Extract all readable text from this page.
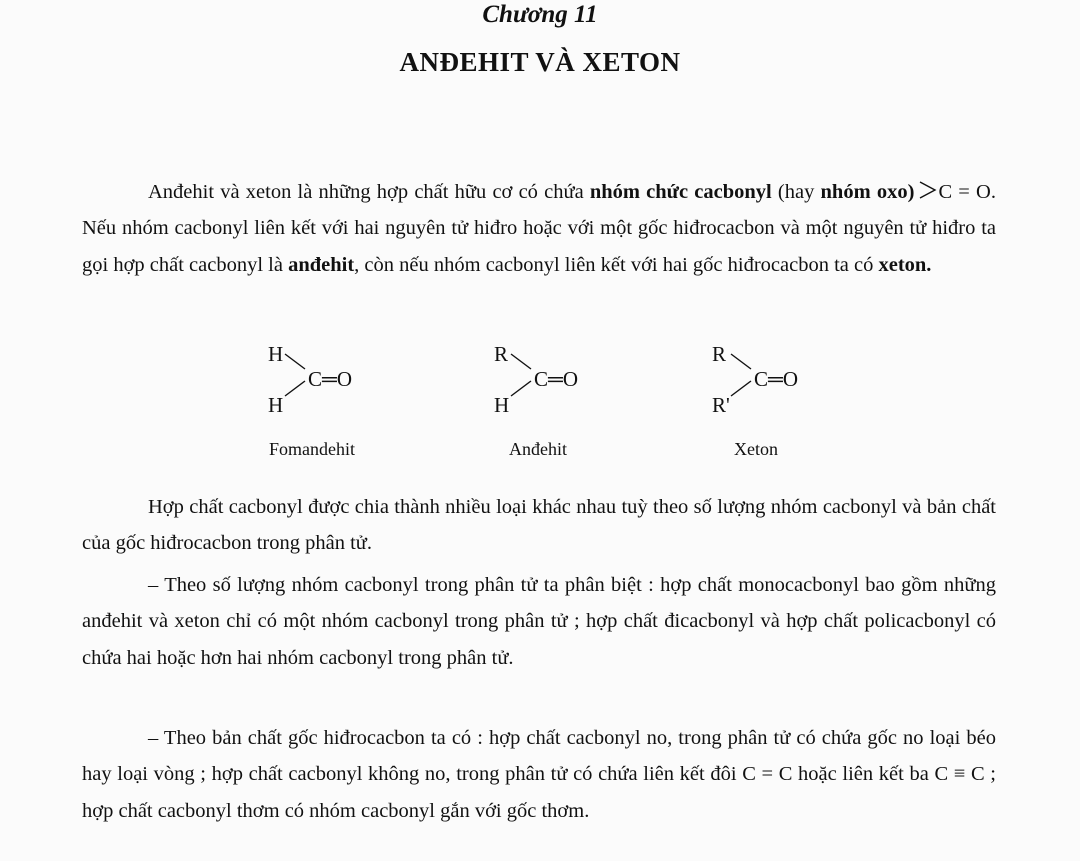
Chương 11
ANĐEHIT VÀ XETON
Anđehit và xeton là những hợp chất hữu cơ có chứa nhóm chức cacbonyl (hay nhóm oxo) C = O. Nếu nhóm cacbonyl liên kết với hai nguyên tử hiđro hoặc với một gốc hiđrocacbon và một nguyên tử hiđro ta gọi hợp chất cacbonyl là anđehit, còn nếu nhóm cacbonyl liên kết với hai gốc hiđrocacbon ta có xeton.
H
H
C═O
Fomandehit
R
H
C═O
Anđehit
R
R'
C═O
Xeton
Hợp chất cacbonyl được chia thành nhiều loại khác nhau tuỳ theo số lượng nhóm cacbonyl và bản chất của gốc hiđrocacbon trong phân tử.
– Theo số lượng nhóm cacbonyl trong phân tử ta phân biệt : hợp chất monocacbonyl bao gồm những anđehit và xeton chỉ có một nhóm cacbonyl trong phân tử ; hợp chất đicacbonyl và hợp chất policacbonyl có chứa hai hoặc hơn hai nhóm cacbonyl trong phân tử.
– Theo bản chất gốc hiđrocacbon ta có : hợp chất cacbonyl no, trong phân tử có chứa gốc no loại béo hay loại vòng ; hợp chất cacbonyl không no, trong phân tử có chứa liên kết đôi C = C hoặc liên kết ba C ≡ C ; hợp chất cacbonyl thơm có nhóm cacbonyl gắn với gốc thơm.
